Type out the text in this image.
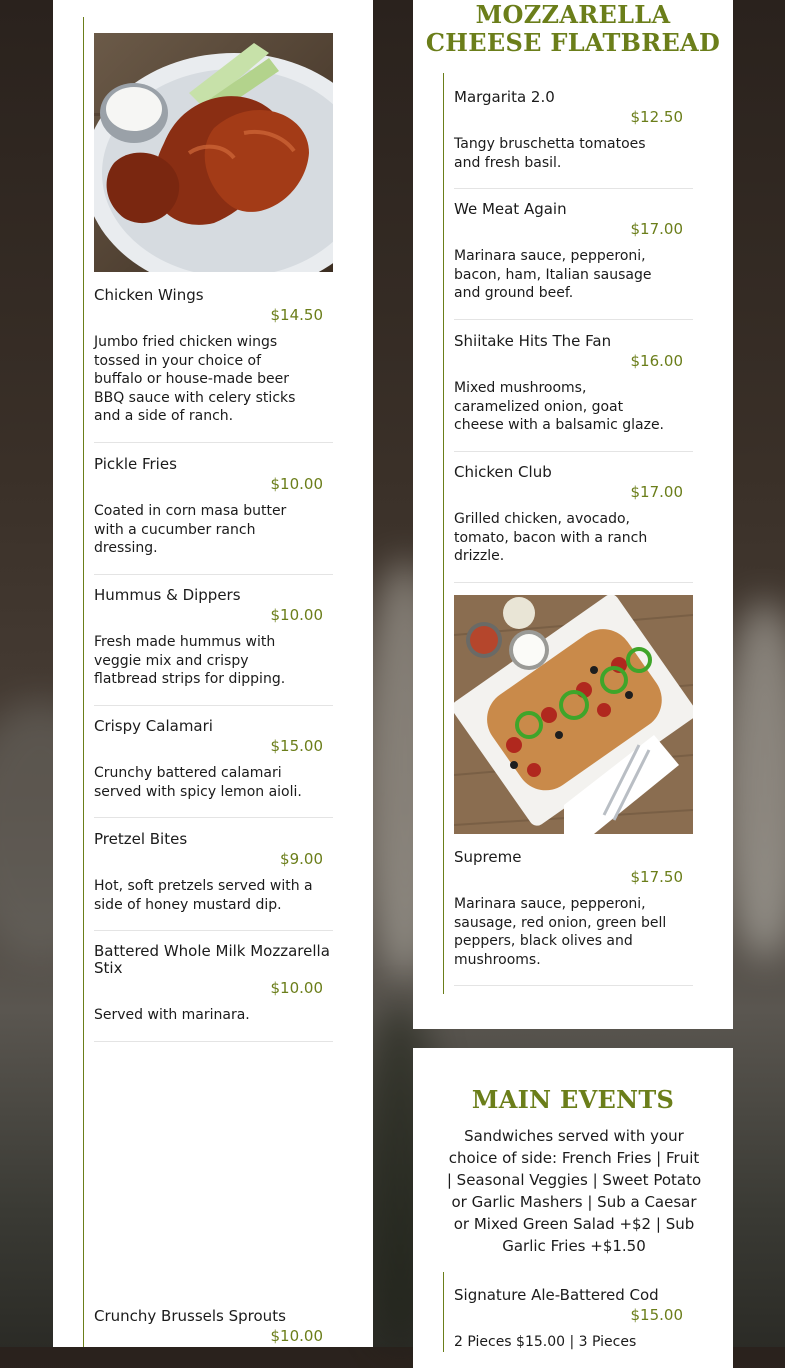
Chicken Wings
$14.50
Jumbo fried chicken wings tossed in your choice of buffalo or house-made beer BBQ sauce with celery sticks and a side of ranch.
Pickle Fries
$10.00
Coated in corn masa butter with a cucumber ranch dressing.
Hummus & Dippers
$10.00
Fresh made hummus with veggie mix and crispy flatbread strips for dipping.
Crispy Calamari
$15.00
Crunchy battered calamari served with spicy lemon aioli.
Pretzel Bites
$9.00
Hot, soft pretzels served with a side of honey mustard dip.
Battered Whole Milk Mozzarella Stix
$10.00
Served with marinara.
Crunchy Brussels Sprouts
$10.00
MOZZARELLA
CHEESE FLATBREAD
Margarita 2.0
$12.50
Tangy bruschetta tomatoes and fresh basil.
We Meat Again
$17.00
Marinara sauce, pepperoni, bacon, ham, Italian sausage and ground beef.
Shiitake Hits The Fan
$16.00
Mixed mushrooms, caramelized onion, goat cheese with a balsamic glaze.
Chicken Club
$17.00
Grilled chicken, avocado, tomato, bacon with a ranch drizzle.
Supreme
$17.50
Marinara sauce, pepperoni, sausage, red onion, green bell peppers, black olives and mushrooms.
MAIN EVENTS
Sandwiches served with your choice of side: French Fries | Fruit | Seasonal Veggies | Sweet Potato or Garlic Mashers | Sub a Caesar or Mixed Green Salad +$2 | Sub Garlic Fries +$1.50
Signature Ale-Battered Cod
$15.00
2 Pieces $15.00 | 3 Pieces
